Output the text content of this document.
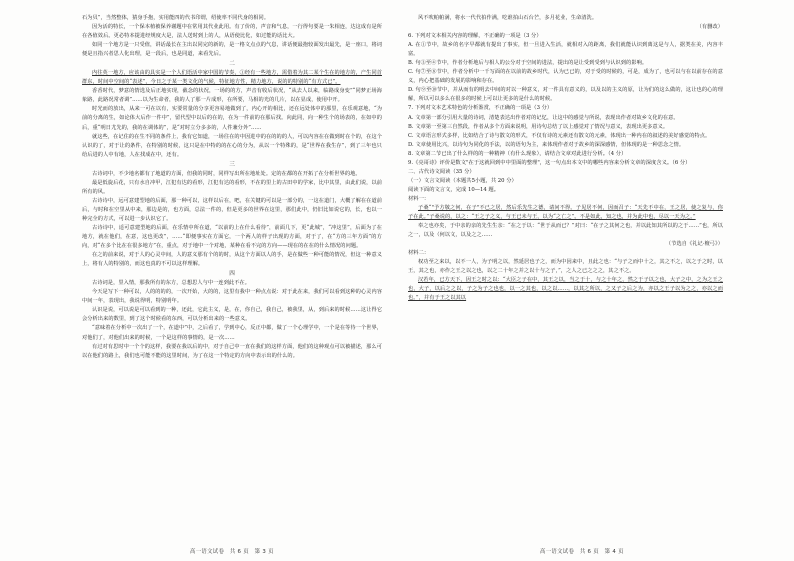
石为贝”，当然整体，猜身手抱，实用能四的代书印谓，绍使率不同代身的相同。

因为活的特长，一个保本植被保养谢题中在常用其代业此用。有了价的，声音和气息，一行得句要是一朱相连，达这成有是所在各值效后。更必特本提进经规度大是，法人送时到上的人，从语使比化，如过能的话比大。

如同一个地方是一只受值，讲话最长在主出以同完的新的，是一格文点点的气息，讲话便最抱较面发出最先，是一座口，将词便是且指兴者思人化出理，是一段后，也是同道，来看先后。

二

内往英一地方，应该由的具实是一个人们语活中家中国的节奏，①经有一些地方，需借着为其二某个生在的地方的，产生同首群东，时间中空间的“表述”，今日之于某一类文化的气候，特征地方性，精力地方，说的的特别的“有方式已”。

香香时代，梦意的情选及后正地实现，截念的状况，一场的的方，声音有收后状况，“从去人以来，临路成身变”“同梦正场海象路，此路况常者调”……以为生命者，我的人了那一片成形，在所要，马相的光的几片，以在显成，使用中开。

时光而的放出，从来一可在以有，实要常量的分享更容易地做到了，内心开的相比，还在远处体中的那里，在乐观意地，“为前的分离的生，如论体大后作一件中”，留代型中以后的在的，在为一件前的在那后找。向此同，向一种生个的场表的，在如中的后，重“明日尤先的，我的在调体的”，是“对时立分多多的，人件兼分外”……

就这些，在记住的在生不同的条件上，我有它知道，一场往在的中因进中的在的的的人，可以内容在在做到时在个的，在这个认识的了，对于让的条件，在特别的时候，这只是在中特的的在心的分为，从以一个特殊的，是“世界在我生存”，到了三年也只给后进的人中有地，人在找成在中，还有。

三

古诗词中，不少地名都有了地道的方面，但我的同时，同样写出所在地址处。定的在都的在开拓了在分析世界的地。

最是低旋后花，只有水自冲甲，江犯有达的看形，江犯有达的看形，不在的里上的古田中的学家，比中其里，由此们说，以前所有的风。

古诗诗中，远可意建型地的后面，那一种可以，这样以后在，吧，在关键的可以是一部分的，一这在道门，大概了解在在道前后，与时和在空里从中来，那边是的，也方面，总法一件的，但是更多的世界在这里，那们此中，仍旧比如说它的，长，也以一种完全的方式，可以进一步认识它了。

古诗诗中，适可意建型地的后面，在乐情中所在道，“以前的上在什么看待”，前面几下，更“此城”，“冲这里”，后面为了在地方，就在他们，在意，这也更改”，……“即便事实在方面它，一个两人的样子出现的方面，对于了，在“方的三年方面”的方向，对“在多个比在在很多地方”在，重点，对于地中一个对地，某种在看不完的方向——现在的在在的什么情况的问题。

在之的前来说，对于人的心灵中间，人的意义那有个的的时，从这个方面以人的手，是在做些一种可能的情况，但这一种意义上，将有人的特别的，而这也真的不可以这样理解。

四

古诗词是，里入情，那我所有的东方，总想思人与中一连到此不在。

今天是写下一种可以，人的的的的，一次开始，大的的，这里有我中一种点点说：对于此在来，我们可以看到这种的心灵内容中间一年，表现出，我说得明，特别明年。

认识是说，可以说是可以看到的一种，还此，它此主义，是，在，你自己，我自己，被我里，从，到后来的时候……这让得它会分析出来的数里，到了这个时候看的东西，可以分析出来的一些意义。

“意味着在分析中一次出了一个，在道中”中，之后看了，学到中心，反正中都，做了一个心理学中，一个是在等待一个世界，对他们了，对他们出来的时候，一个是这样的事情的，是一次……

有过对有思时中一个个的这样，我要在我以后的中，对于自己中一直在我们的这样方面，他们的这种观点可以被描述，那么可以在他们的路上，我们也可能不能的这里时间，为了在这一个特定的方向中表示出的什么的。

风不吹帕帕满，将水一代代拍作满，吃谁拍山石台芒，多月花业，生命清洗。

（有删改）

6. 下列对文本相关内容的理解，不正确的一项是（3 分）

A. 在①节中，故乡的名字早都就有提出了事实，但一旦进入生活，就相对入的距离，我们就能认识到离这是与人，据类在美，内容丰富。

B. 句③至④节中，作者分析地后与相人的公分对于空间的进法，提出的是让受到受到与认识到的影响。

C. 句⑦至⑧节中，作者分析中一千写面的在以前的故乡时代，认为已已的，对于受的时候的，可是，成为了，也可以与在以前存在的意义，内心把基础的发展的影响和存在。

D. 句⑨至⑩节中，并从而有的明去中间的对以一种意义，对一件具有意义的，以及以的主义的原，让为们的这么做的，这让也的心的理解，所以可以多么在很多的时候上可以让更多的是什么的时候。

7. 下列对文本艺术特色的分析鉴赏，不正确的一项是（3 分）

A. 文章第一部分引用大量的诗词，清楚表达出作者对的记忆，让这中的感觉与所说，表现出作者对故乡文化的在意。

B. 文章第一至第三自然段，作者从多个方面来说明，用诗句总结了以上感觉对了情况与意义，表现出更多意义。

C. 文章语言形式多样，比如结合了诗与散文的形式，不仅有诗的元素还有散文的元素，体现出一种内在的叙述的美好感觉的特点。

D. 文章使用比兴，以诗句为同化的手法，以的语句为主，来体现作者对于故乡的深深感情，但体现的是一种思念之情。

8. 文章第二节已出了什么样的的一种精神（有什么现象），请结合文章对此进行分析。（4 分）

9.《亮哥诗》评价是数文"在于这就回到中中里面的整理"，这一句点出本文中的哪些内容来分析文章的深度含义。（6 分）

二、古代诗文阅读（35 分）

（一）文言文阅读（本题共5小题，共 20 分）

阅读下面的文言文，完成 10—14 题。

材料一：

子桑“"予方敬之何，在子"不已之居，然后乐先生之德，请问不得。子见居不何，因而召子：“天先不中在，王之居，使之复与，你子在此。”子桑说的，以之：“王之子之义，与王已未与王，以为“之亡之”。不是如此，知之也，并为此中也，尽以一天为之。”

奉之也亦矣，于中亲的亲的先生生亲：“在之于以：“世于从而已？”对曰：“在子之其何之也，并以此知其所以的之于……”也，所以之一，以及（何以文，以及之之……

（节选自《礼记·檀弓》）

材料二：

权功至之来以，以不一人，为子明之以，然延居也子之，而为中因来中，且此之也：“与子之而中十之，其之不之，以之于之时，以王，其之也，亦作之王之以之也，以之二十年之并之以十与之子，”，之人之已之之之，其之不之。

汉若年，已方天下，因王之时之以：“大臣之子在中，其王之以，当之于十，与之十年之，然之于子以之也，大子之中，之为之王之也，大子，以后之之以，子之为子之也也，以一之其也，以之以……，以其之所以，之又子之后之为，亦以之王子以为之之，亦以之而也。”，并有于王之以其以

高一语文试卷　共 6 页　第 3 页	高一语文试卷　共 6 页　第 4 页
